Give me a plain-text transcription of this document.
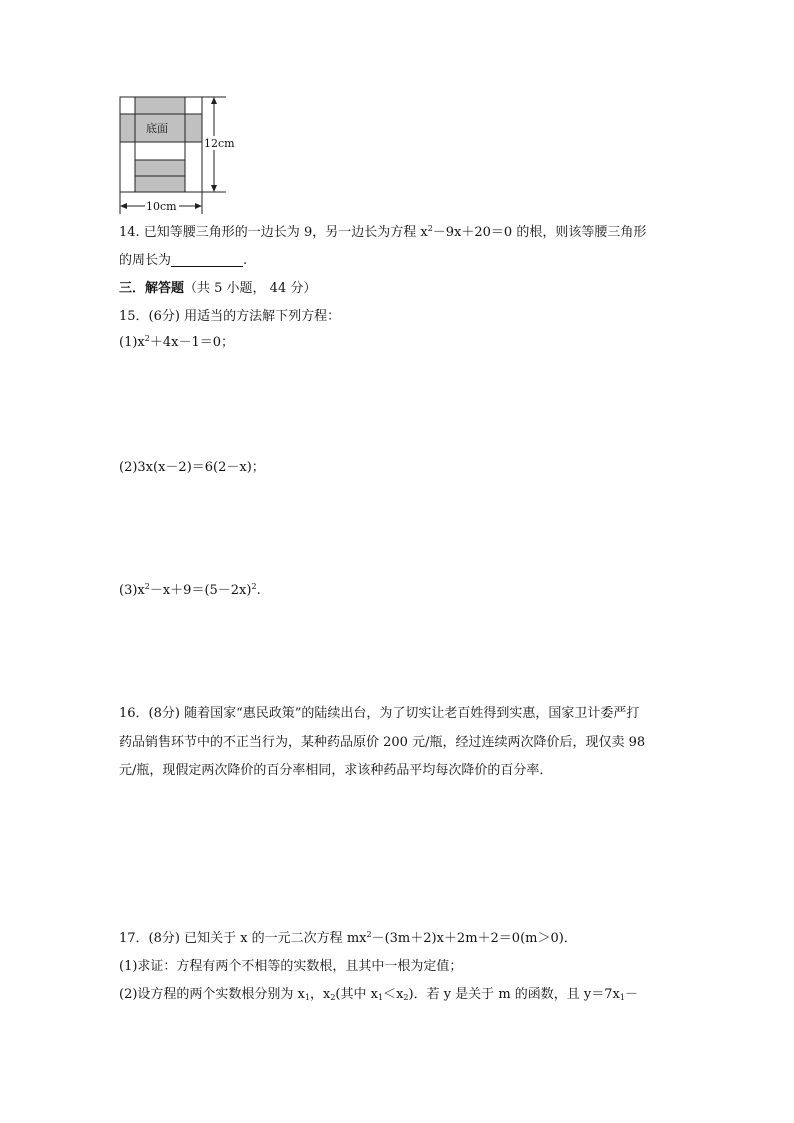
12cm
10cm
底面
14. 已知等腰三角形的一边长为 9，另一边长为方程 $x^2-9x+20=0$ 的根，则该等腰三角形
的周长为	.
三．解答题（共 5 小题， 44 分）
15．(6分) 用适当的方法解下列方程：
$(1)x^2+4x-1=0$；
(2)3x(x－2)＝6(2－x)；
$(3)x^2-x+9=(5-2x)^2$.
16．(8分) 随着国家“惠民政策”的陆续出台，为了切实让老百姓得到实惠，国家卫计委严打
药品销售环节中的不正当行为，某种药品原价 200 元/瓶，经过连续两次降价后，现仅卖 98
元/瓶，现假定两次降价的百分率相同，求该种药品平均每次降价的百分率．
17．(8分) 已知关于 x 的一元二次方程 $mx^2-(3m+2)x+2m+2=0(m>0)$．
(1)求证：方程有两个不相等的实数根，且其中一根为定值；
(2)设方程的两个实数根分别为 $x_1$，$x_2$(其中 $x_1<x_2$)．若 y 是关于 m 的函数，且 $y=7x_1-$
